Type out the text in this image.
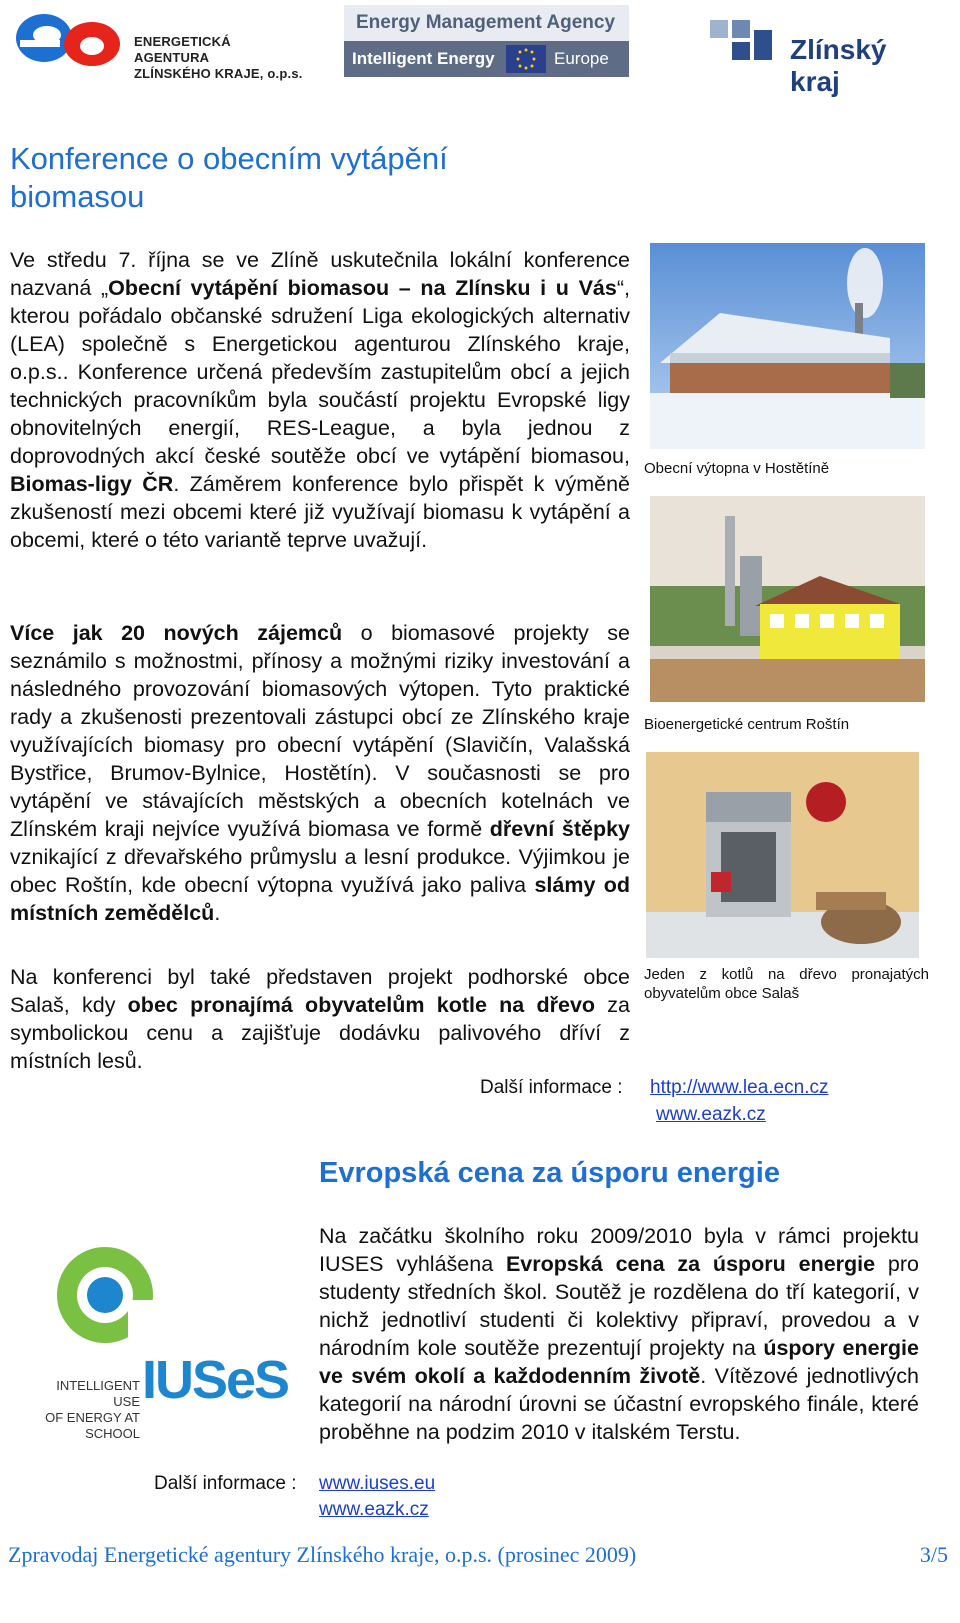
ENERGETICKÁ AGENTURA
ZLÍNSKÉHO KRAJE, o.p.s.
Energy Management Agency
Intelligent Energy	Europe	Zlínský kraj
Konference o obecním vytápění
biomasou
Ve středu 7. října se ve Zlíně uskutečnila lokální konference nazvaná „Obecní vytápění biomasou – na Zlínsku i u Vás“, kterou pořádalo občanské sdružení Liga ekologických alternativ (LEA) společně s Energetickou agenturou Zlínského kraje, o.p.s.. Konference určená především zastupitelům obcí a jejich technických pracovníkům byla součástí projektu Evropské ligy obnovitelných energií, RES-League, a byla jednou z doprovodných akcí české soutěže obcí ve vytápění biomasou, Biomas-ligy ČR. Záměrem konference bylo přispět k výměně zkušeností mezi obcemi které již využívají biomasu k vytápění a obcemi, které o této variantě teprve uvažují.
Více jak 20 nových zájemců o biomasové projekty se seznámilo s možnostmi, přínosy a možnými riziky investování a následného provozování biomasových výtopen. Tyto praktické rady a zkušenosti prezentovali zástupci obcí ze Zlínského kraje využívajících biomasy pro obecní vytápění (Slavičín, Valašská Bystřice, Brumov-Bylnice, Hostětín). V současnosti se pro vytápění ve stávajících městských a obecních kotelnách ve Zlínském kraji nejvíce využívá biomasa ve formě dřevní štěpky vznikající z dřevařského průmyslu a lesní produkce. Výjimkou je obec Roštín, kde obecní výtopna využívá jako paliva slámy od místních zemědělců.
Na konferenci byl také představen projekt podhorské obce Salaš, kdy obec pronajímá obyvatelům kotle na dřevo za symbolickou cenu a zajišťuje dodávku palivového dříví z místních lesů.
Obecní výtopna v Hostětíně
Bioenergetické centrum Roštín
Jeden z kotlů na dřevo pronajatých obyvatelům obce Salaš
Další informace : http://www.lea.ecn.cz
www.eazk.cz
Evropská cena za úsporu energie
IUSeS
INTELLIGENT USE
OF ENERGY AT SCHOOL
Na začátku školního roku 2009/2010 byla v rámci projektu IUSES vyhlášena Evropská cena za úsporu energie pro studenty středních škol. Soutěž je rozdělena do tří kategorií, v nichž jednotliví studenti či kolektivy připraví, provedou a v národním kole soutěže prezentují projekty na úspory energie ve svém okolí a každodenním životě. Vítězové jednotlivých kategorií na národní úrovni se účastní evropského finále, které proběhne na podzim 2010 v italském Terstu.
Další informace : www.iuses.eu
www.eazk.cz
Zpravodaj Energetické agentury Zlínského kraje, o.p.s. (prosinec 2009)	3/5
